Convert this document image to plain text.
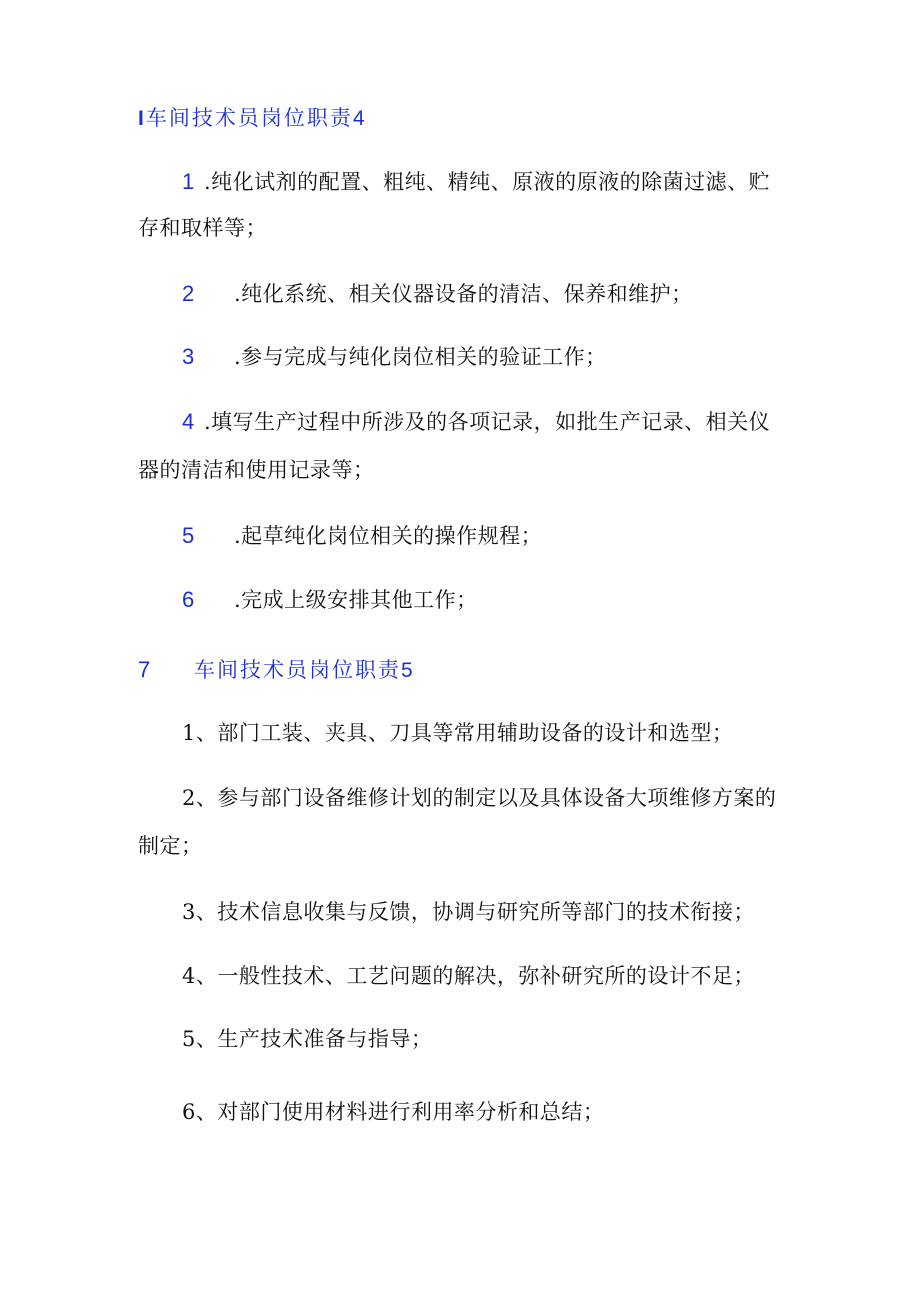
I车间技术员岗位职责4
1 .纯化试剂的配置、粗纯、精纯、原液的原液的除菌过滤、贮
存和取样等；
2 .纯化系统、相关仪器设备的清洁、保养和维护；
3 .参与完成与纯化岗位相关的验证工作；
4 .填写生产过程中所涉及的各项记录，如批生产记录、相关仪
器的清洁和使用记录等；
5 .起草纯化岗位相关的操作规程；
6 .完成上级安排其他工作；
7 车间技术员岗位职责5
1、部门工装、夹具、刀具等常用辅助设备的设计和选型；
2、参与部门设备维修计划的制定以及具体设备大项维修方案的
制定；
3、技术信息收集与反馈，协调与研究所等部门的技术衔接；
4、一般性技术、工艺问题的解决，弥补研究所的设计不足；
5、生产技术准备与指导；
6、对部门使用材料进行利用率分析和总结；
